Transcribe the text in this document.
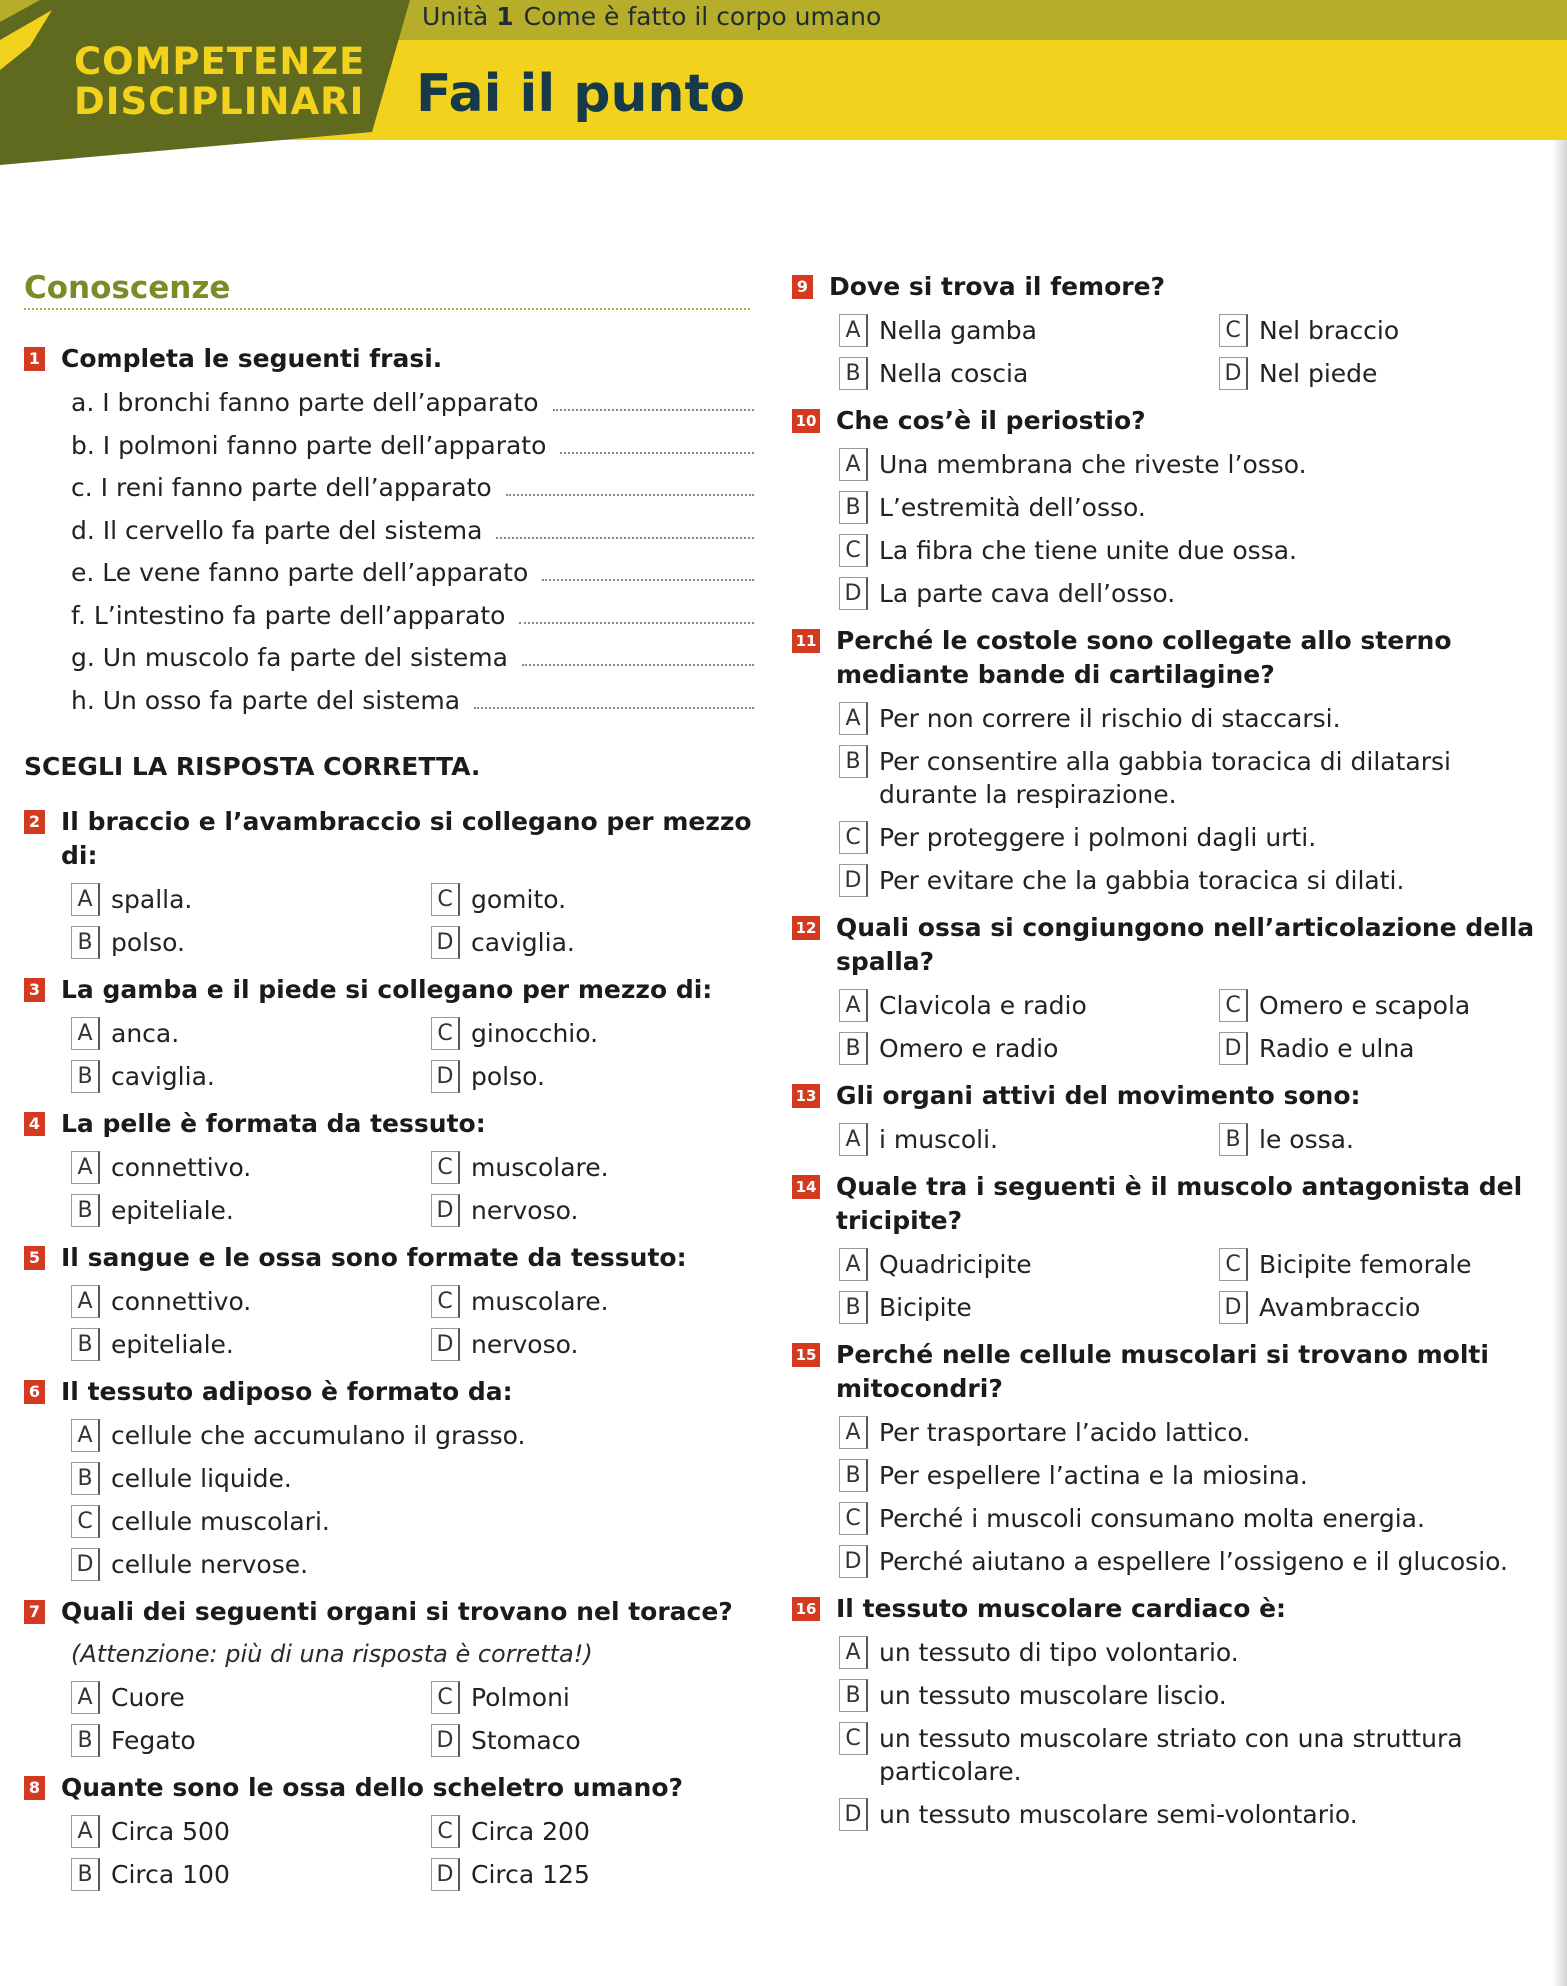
Unità 1 Come è fatto il corpo umano
COMPETENZE
DISCIPLINARI Fai il punto
Conoscenze
1 Completa le seguenti frasi.
a. I bronchi fanno parte dell’apparato
b. I polmoni fanno parte dell’apparato
c. I reni fanno parte dell’apparato
d. Il cervello fa parte del sistema
e. Le vene fanno parte dell’apparato
f. L’intestino fa parte dell’apparato
g. Un muscolo fa parte del sistema
h. Un osso fa parte del sistema
SCEGLI LA RISPOSTA CORRETTA.
2 Il braccio e l’avambraccio si collegano per mezzo di:
A spalla.	C gomito.
B polso.	D caviglia.
3 La gamba e il piede si collegano per mezzo di:
A anca.	C ginocchio.
B caviglia.	D polso.
4 La pelle è formata da tessuto:
A connettivo.	C muscolare.
B epiteliale.	D nervoso.
5 Il sangue e le ossa sono formate da tessuto:
A connettivo.	C muscolare.
B epiteliale.	D nervoso.
6 Il tessuto adiposo è formato da:
A cellule che accumulano il grasso.
B cellule liquide.
C cellule muscolari.
D cellule nervose.
7 Quali dei seguenti organi si trovano nel torace?
(Attenzione: più di una risposta è corretta!)
A Cuore	C Polmoni
B Fegato	D Stomaco
8 Quante sono le ossa dello scheletro umano?
A Circa 500	C Circa 200
B Circa 100	D Circa 125
9 Dove si trova il femore?
A Nella gamba	C Nel braccio
B Nella coscia	D Nel piede
10 Che cos’è il periostio?
A Una membrana che riveste l’osso.
B L’estremità dell’osso.
C La fibra che tiene unite due ossa.
D La parte cava dell’osso.
11 Perché le costole sono collegate allo sterno mediante bande di cartilagine?
A Per non correre il rischio di staccarsi.
B Per consentire alla gabbia toracica di dilatarsi durante la respirazione.
C Per proteggere i polmoni dagli urti.
D Per evitare che la gabbia toracica si dilati.
12 Quali ossa si congiungono nell’articolazione della spalla?
A Clavicola e radio	C Omero e scapola
B Omero e radio	D Radio e ulna
13 Gli organi attivi del movimento sono:
A i muscoli.	B le ossa.
14 Quale tra i seguenti è il muscolo antagonista del tricipite?
A Quadricipite	C Bicipite femorale
B Bicipite	D Avambraccio
15 Perché nelle cellule muscolari si trovano molti mitocondri?
A Per trasportare l’acido lattico.
B Per espellere l’actina e la miosina.
C Perché i muscoli consumano molta energia.
D Perché aiutano a espellere l’ossigeno e il glucosio.
16 Il tessuto muscolare cardiaco è:
A un tessuto di tipo volontario.
B un tessuto muscolare liscio.
C un tessuto muscolare striato con una struttura particolare.
D un tessuto muscolare semi-volontario.
